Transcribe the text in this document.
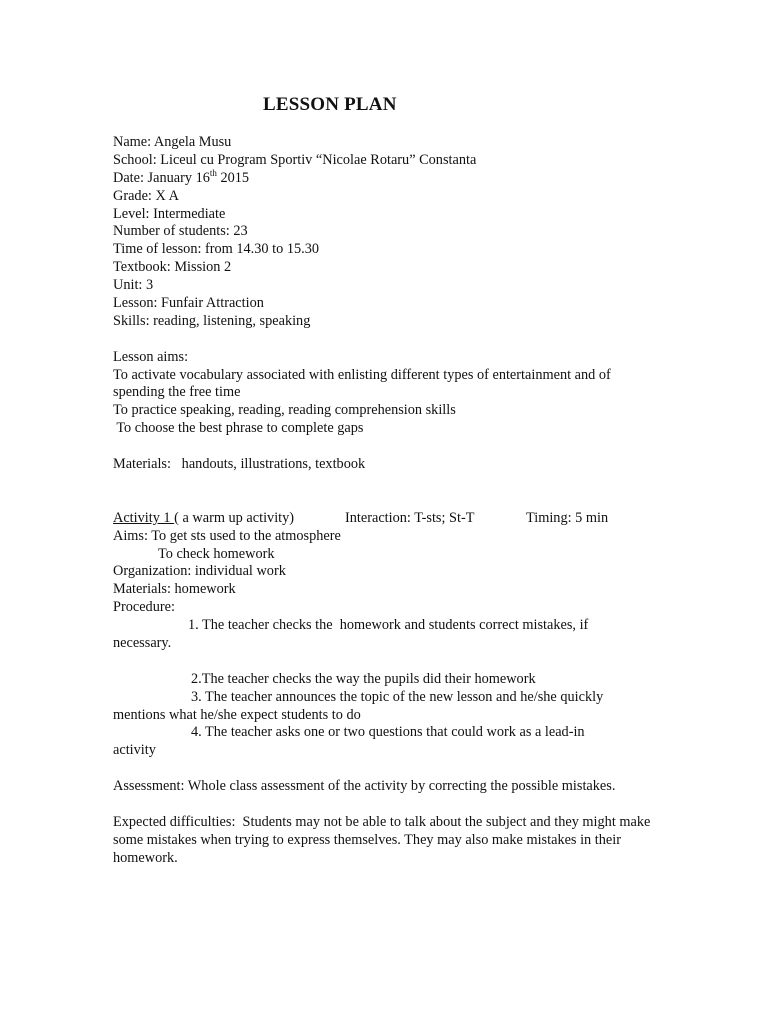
LESSON PLAN
Name: Angela Musu
School: Liceul cu Program Sportiv “Nicolae Rotaru” Constanta
Date: January 16th 2015
Grade: X A
Level: Intermediate
Number of students: 23
Time of lesson: from 14.30 to 15.30
Textbook: Mission 2
Unit: 3
Lesson: Funfair Attraction
Skills: reading, listening, speaking
Lesson aims:
To activate vocabulary associated with enlisting different types of entertainment and of spending the free time
To practice speaking, reading, reading comprehension skills
To choose the best phrase to complete gaps
Materials:   handouts, illustrations, textbook
Activity 1 ( a warm up activity)	Interaction: T-sts; St-T	Timing: 5 min
Aims: To get sts used to the atmosphere
To check homework
Organization: individual work
Materials: homework
Procedure:
1. The teacher checks the  homework and students correct mistakes, if
necessary.
2.The teacher checks the way the pupils did their homework
3. The teacher announces the topic of the new lesson and he/she quickly
mentions what he/she expect students to do
4. The teacher asks one or two questions that could work as a lead-in
activity
Assessment: Whole class assessment of the activity by correcting the possible mistakes.
Expected difficulties:  Students may not be able to talk about the subject and they might make some mistakes when trying to express themselves. They may also make mistakes in their homework.
